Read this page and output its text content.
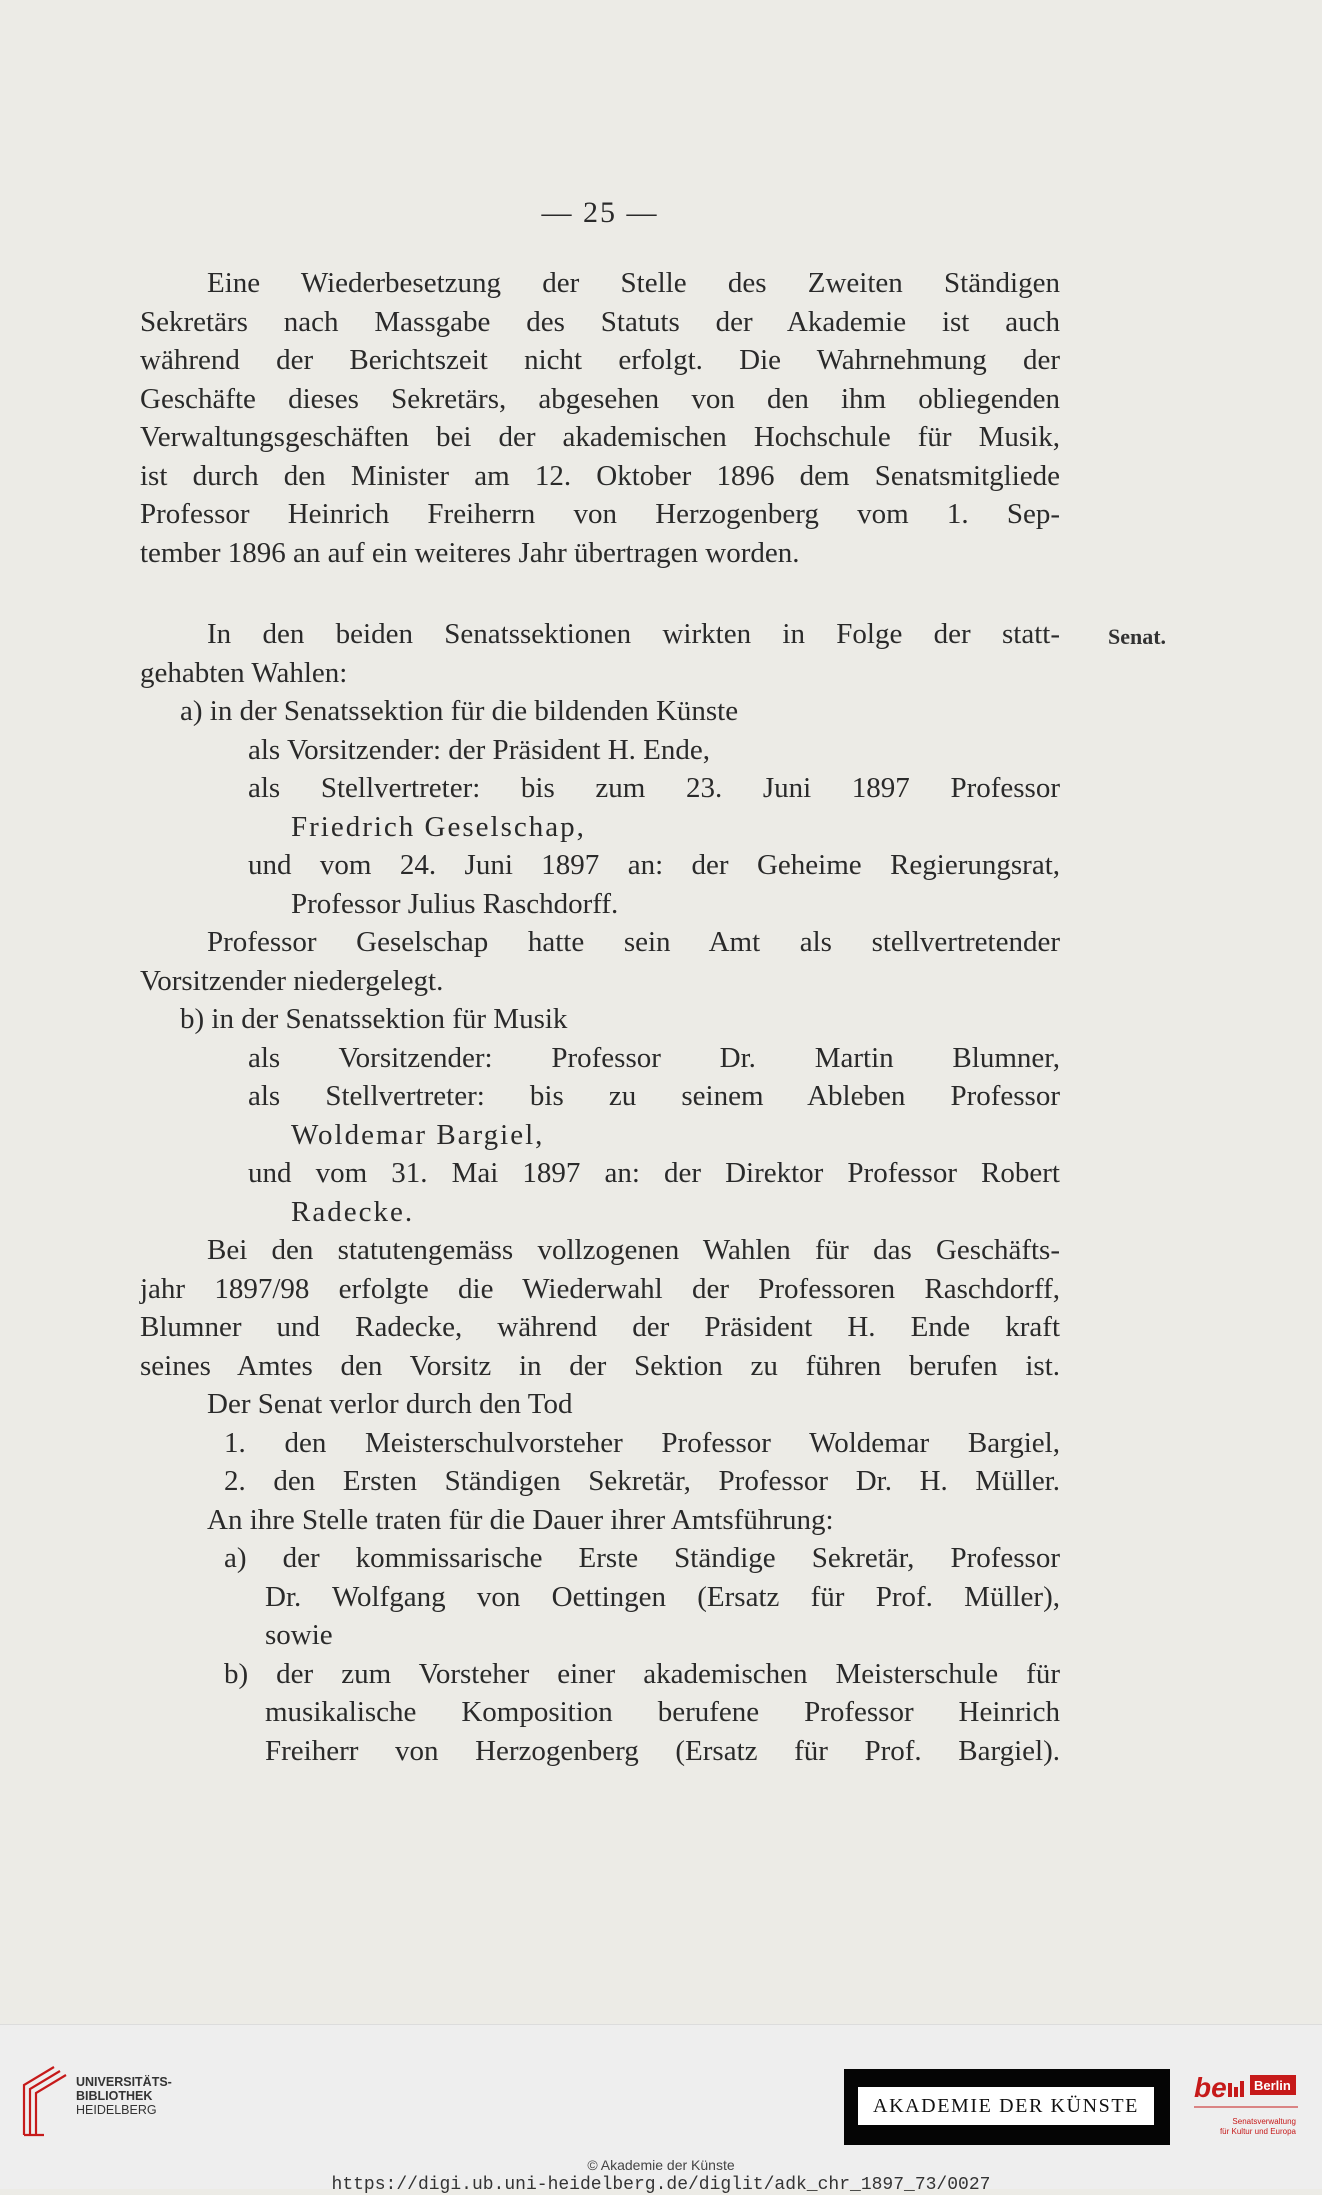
— 25 —
Senat.
Eine Wiederbesetzung der Stelle des Zweiten Ständigen
Sekretärs nach Massgabe des Statuts der Akademie ist auch
während der Berichtszeit nicht erfolgt. Die Wahrnehmung der
Geschäfte dieses Sekretärs, abgesehen von den ihm obliegenden
Verwaltungsgeschäften bei der akademischen Hochschule für Musik,
ist durch den Minister am 12. Oktober 1896 dem Senatsmitgliede
Professor Heinrich Freiherrn von Herzogenberg vom 1. Sep-
tember 1896 an auf ein weiteres Jahr übertragen worden.
In den beiden Senatssektionen wirkten in Folge der statt-
gehabten Wahlen:
a) in der Senatssektion für die bildenden Künste
als Vorsitzender: der Präsident H. Ende,
als Stellvertreter: bis zum 23. Juni 1897 Professor
Friedrich Geselschap,
und vom 24. Juni 1897 an: der Geheime Regierungsrat,
Professor Julius Raschdorff.
Professor Geselschap hatte sein Amt als stellvertretender
Vorsitzender niedergelegt.
b) in der Senatssektion für Musik
als Vorsitzender: Professor Dr. Martin Blumner,
als Stellvertreter: bis zu seinem Ableben Professor
Woldemar Bargiel,
und vom 31. Mai 1897 an: der Direktor Professor Robert
Radecke.
Bei den statutengemäss vollzogenen Wahlen für das Geschäfts-
jahr 1897/98 erfolgte die Wiederwahl der Professoren Raschdorff,
Blumner und Radecke, während der Präsident H. Ende kraft
seines Amtes den Vorsitz in der Sektion zu führen berufen ist.
Der Senat verlor durch den Tod
1. den Meisterschulvorsteher Professor Woldemar Bargiel,
2. den Ersten Ständigen Sekretär, Professor Dr. H. Müller.
An ihre Stelle traten für die Dauer ihrer Amtsführung:
a) der kommissarische Erste Ständige Sekretär, Professor
Dr. Wolfgang von Oettingen (Ersatz für Prof. Müller),
sowie
b) der zum Vorsteher einer akademischen Meisterschule für
musikalische Komposition berufene Professor Heinrich
Freiherr von Herzogenberg (Ersatz für Prof. Bargiel).
UNIVERSITÄTS-
BIBLIOTHEK
HEIDELBERG	AKADEMIE DER KÜNSTE
be Berlin
Senatsverwaltung
für Kultur und Europa
© Akademie der Künste
https://digi.ub.uni-heidelberg.de/diglit/adk_chr_1897_73/0027
